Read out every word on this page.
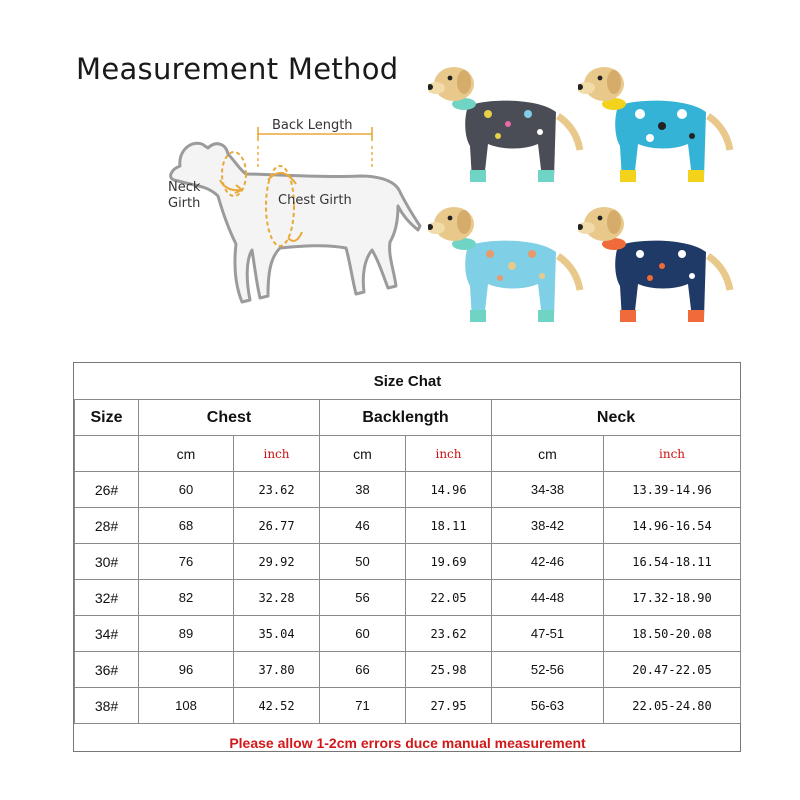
Measurement Method
Back Length
Neck
Girth	Chest Girth
Size Chat						
Size	Chest		Backlength		Neck	
	cm	inch	cm	inch	cm	inch
26#	60	23.62	38	14.96	34-38	13.39-14.96
28#	68	26.77	46	18.11	38-42	14.96-16.54
30#	76	29.92	50	19.69	42-46	16.54-18.11
32#	82	32.28	56	22.05	44-48	17.32-18.90
34#	89	35.04	60	23.62	47-51	18.50-20.08
36#	96	37.80	66	25.98	52-56	20.47-22.05
38#	108	42.52	71	27.95	56-63	22.05-24.80
Please allow 1-2cm errors duce manual measurement						
